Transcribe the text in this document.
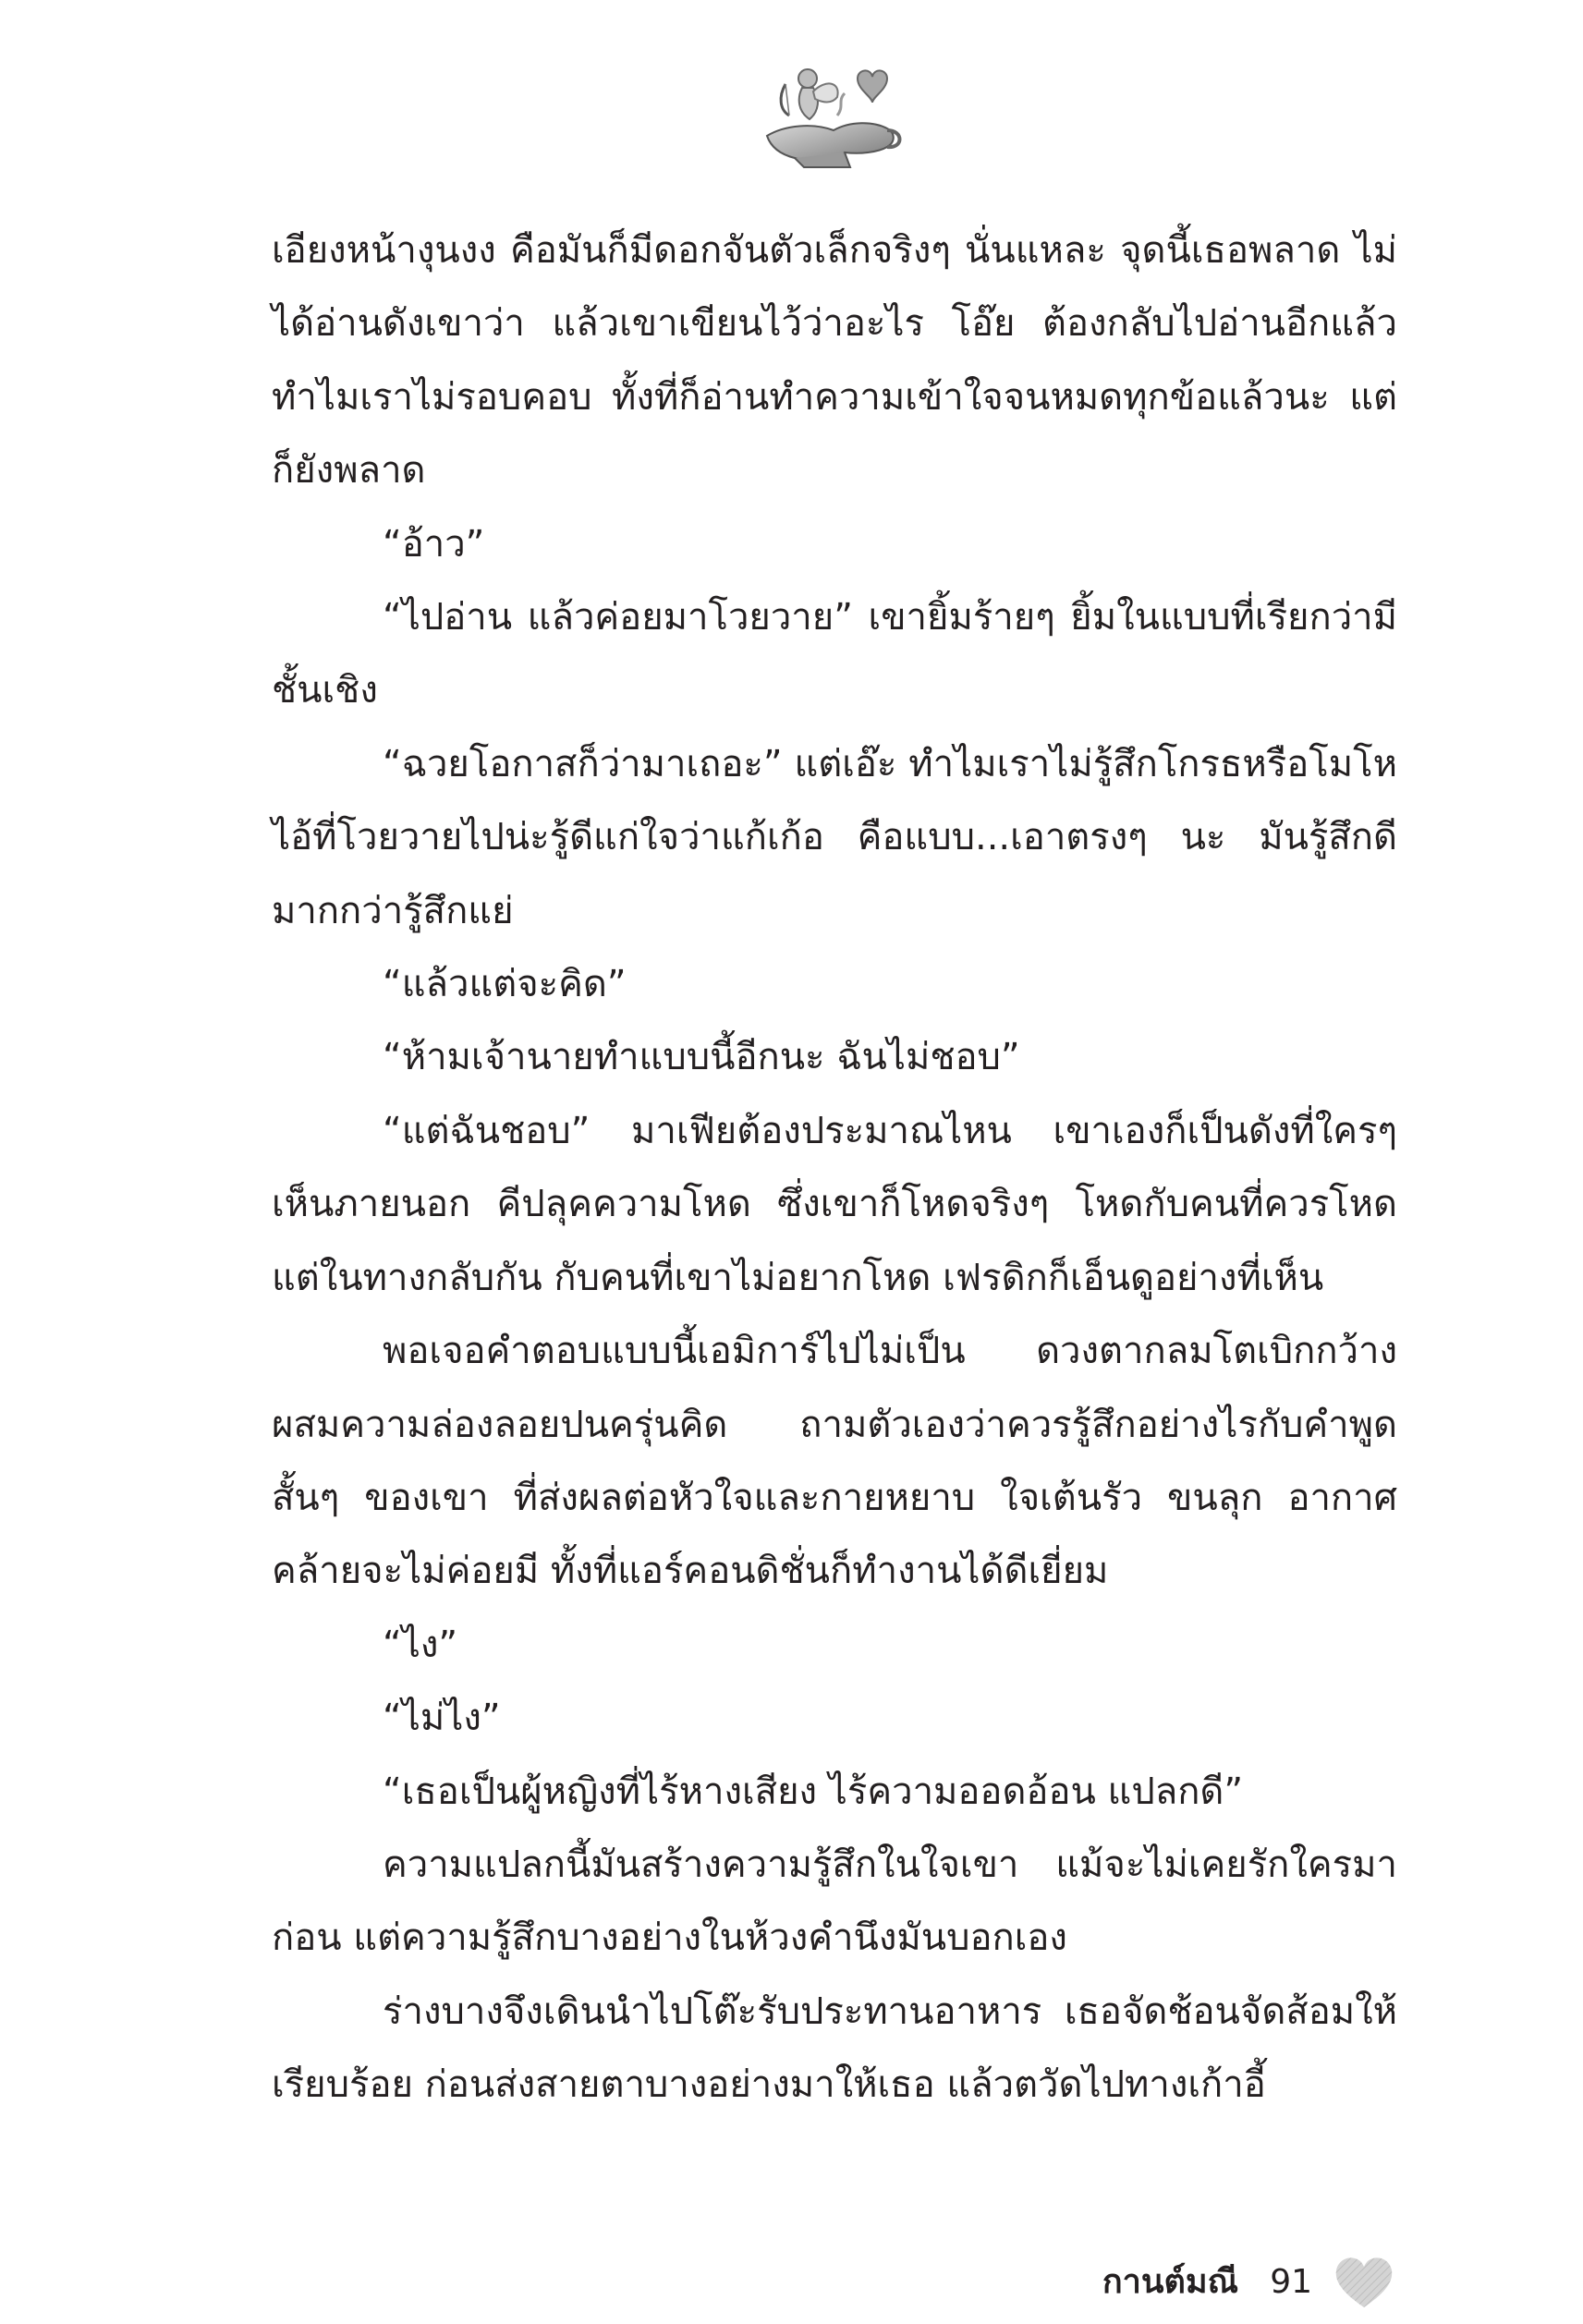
เอียงหน้างุนงง คือมันก็มีดอกจันตัวเล็กจริงๆ นั่นแหละ จุดนี้เธอพลาด ไม่ได้อ่านดังเขาว่า แล้วเขาเขียนไว้ว่าอะไร โอ๊ย ต้องกลับไปอ่านอีกแล้ว ทำไมเราไม่รอบคอบ ทั้งที่ก็อ่านทำความเข้าใจจนหมดทุกข้อแล้วนะ แต่ก็ยังพลาด

“อ้าว”

“ไปอ่าน แล้วค่อยมาโวยวาย” เขายิ้มร้ายๆ ยิ้มในแบบที่เรียกว่ามีชั้นเชิง

“ฉวยโอกาสก็ว่ามาเถอะ” แต่เอ๊ะ ทำไมเราไม่รู้สึกโกรธหรือโมโห ไอ้ที่โวยวายไปน่ะรู้ดีแก่ใจว่าแก้เก้อ คือแบบ...เอาตรงๆ นะ มันรู้สึกดีมากกว่ารู้สึกแย่

“แล้วแต่จะคิด”

“ห้ามเจ้านายทำแบบนี้อีกนะ ฉันไม่ชอบ”

“แต่ฉันชอบ” มาเฟียต้องประมาณไหน เขาเองก็เป็นดังที่ใครๆ เห็นภายนอก คีปลุคความโหด ซึ่งเขาก็โหดจริงๆ โหดกับคนที่ควรโหด แต่ในทางกลับกัน กับคนที่เขาไม่อยากโหด เฟรดิกก็เอ็นดูอย่างที่เห็น

พอเจอคำตอบแบบนี้เอมิการ์ไปไม่เป็น ดวงตากลมโตเบิกกว้าง ผสมความล่องลอยปนครุ่นคิด ถามตัวเองว่าควรรู้สึกอย่างไรกับคำพูดสั้นๆ ของเขา ที่ส่งผลต่อหัวใจและกายหยาบ ใจเต้นรัว ขนลุก อากาศคล้ายจะไม่ค่อยมี ทั้งที่แอร์คอนดิชั่นก็ทำงานได้ดีเยี่ยม

“ไง”

“ไม่ไง”

“เธอเป็นผู้หญิงที่ไร้หางเสียง ไร้ความออดอ้อน แปลกดี”

ความแปลกนี้มันสร้างความรู้สึกในใจเขา แม้จะไม่เคยรักใครมาก่อน แต่ความรู้สึกบางอย่างในห้วงคำนึงมันบอกเอง

ร่างบางจึงเดินนำไปโต๊ะรับประทานอาหาร เธอจัดช้อนจัดส้อมให้เรียบร้อย ก่อนส่งสายตาบางอย่างมาให้เธอ แล้วตวัดไปทางเก้าอี้

กานต์มณี 91
